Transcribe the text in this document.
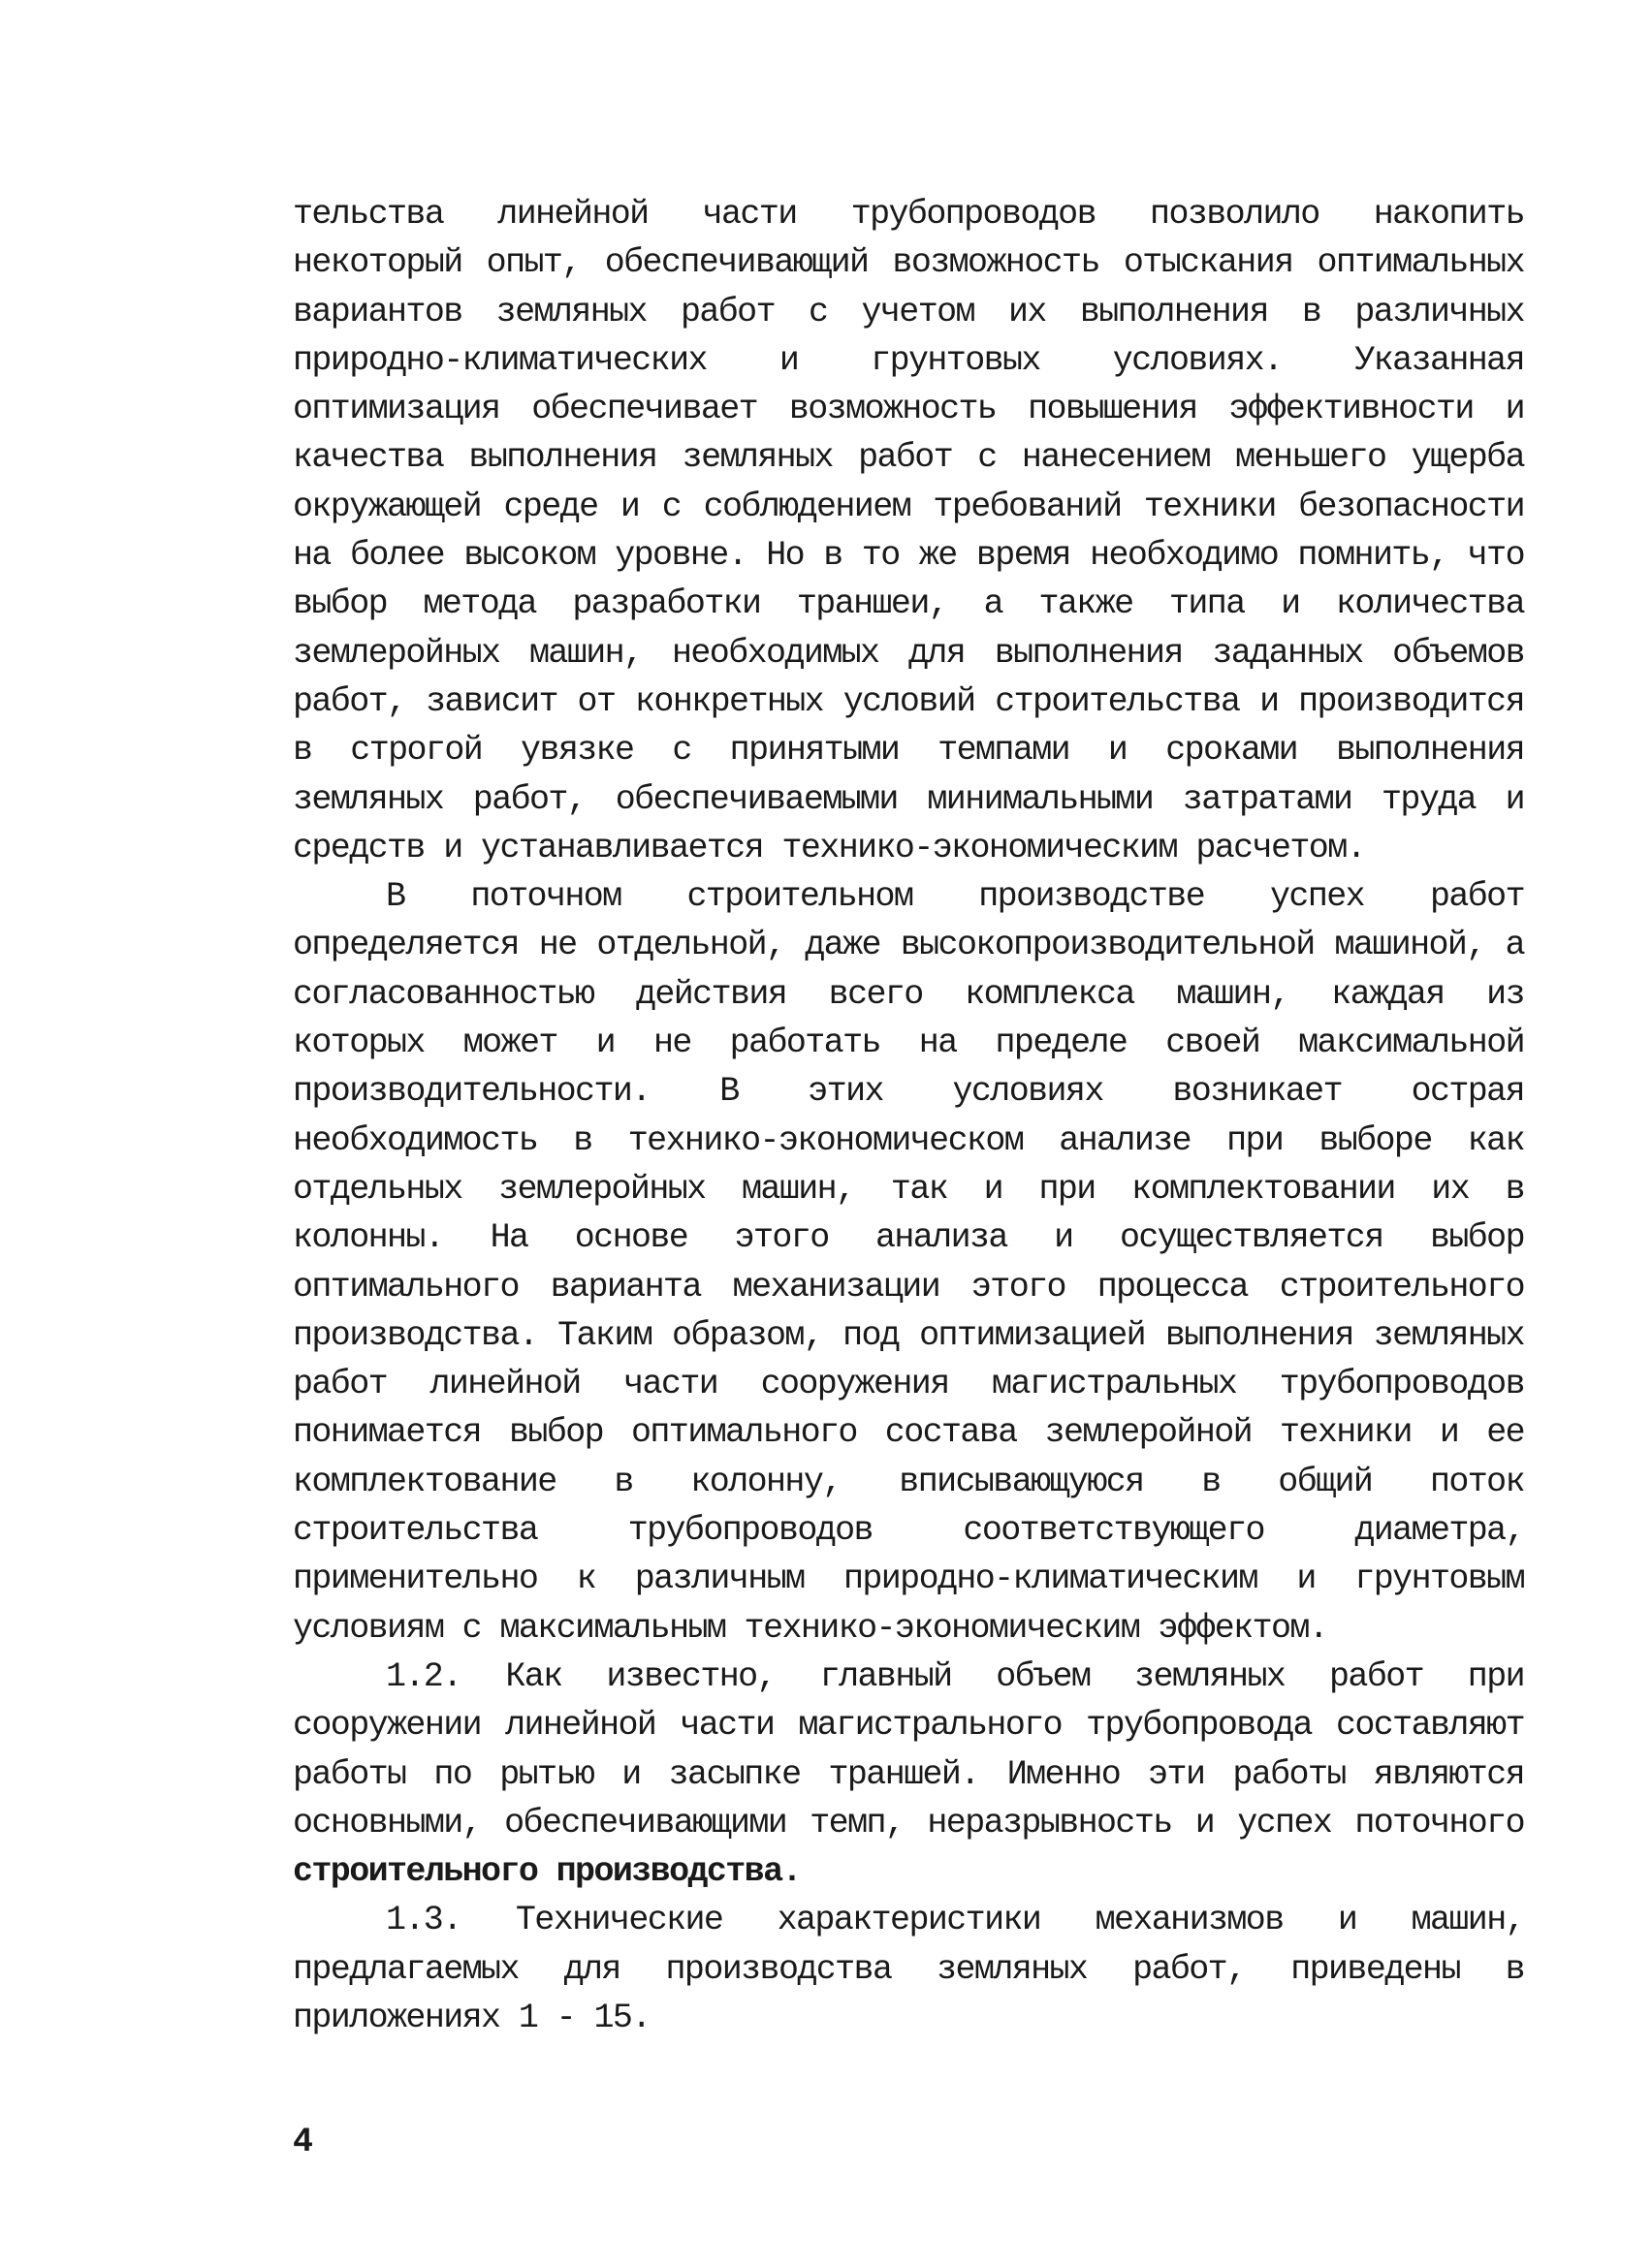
тельства линейной части трубопроводов позволило накопить некоторый опыт, обеспечивающий возможность отыскания оптимальных вариантов земляных работ с учетом их выполнения в различных природно-климатических и грунтовых условиях. Указанная оптимизация обеспечивает возможность повышения эффективности и качества выполнения земляных работ с нанесением меньшего ущерба окружающей среде и с соблюдением требований техники безопасности на более высоком уровне. Но в то же время необходимо помнить, что выбор метода разработки траншеи, а также типа и количества землеройных машин, необходимых для выполнения заданных объемов работ, зависит от конкретных условий строительства и производится в строгой увязке с принятыми темпами и сроками выполнения земляных работ, обеспечиваемыми минимальными затратами труда и средств и устанавливается технико-экономическим расчетом.

В поточном строительном производстве успех работ определяется не отдельной, даже высокопроизводительной машиной, а согласованностью действия всего комплекса машин, каждая из которых может и не работать на пределе своей максимальной производительности. В этих условиях возникает острая необходимость в технико-экономическом анализе при выборе как отдельных землеройных машин, так и при комплектовании их в колонны. На основе этого анализа и осуществляется выбор оптимального варианта механизации этого процесса строительного производства. Таким образом, под оптимизацией выполнения земляных работ линейной части сооружения магистральных трубопроводов понимается выбор оптимального состава землеройной техники и ее комплектование в колонну, вписывающуюся в общий поток строительства трубопроводов соответствующего диаметра, применительно к различным природно-климатическим и грунтовым условиям с максимальным технико-экономическим эффектом.

1.2. Как известно, главный объем земляных работ при сооружении линейной части магистрального трубопровода составляют работы по рытью и засыпке траншей. Именно эти работы являются основными, обеспечивающими темп, неразрывность и успех поточного строительного производства.

1.3. Технические характеристики механизмов и машин, предлагаемых для производства земляных работ, приведены в приложениях 1 - 15.

4
